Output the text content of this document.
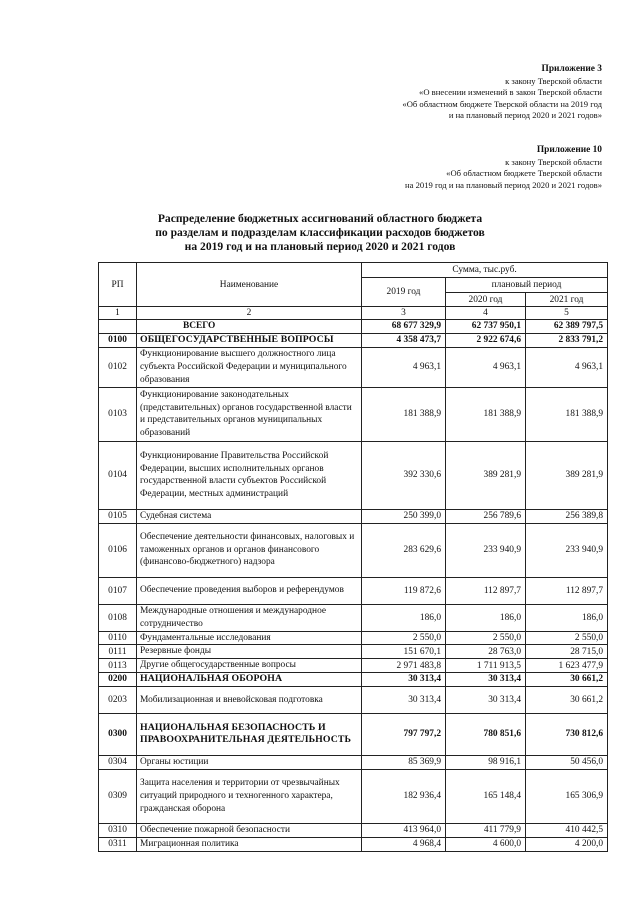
Приложение 3
к закону Тверской области
«О внесении изменений в закон Тверской области
«Об областном бюджете Тверской области на 2019 год
и на плановый период 2020 и 2021 годов»
Приложение 10
к закону Тверской области
«Об областном бюджете Тверской области
на 2019 год и на плановый период 2020 и 2021 годов»
Распределение бюджетных ассигнований областного бюджета
по разделам и подразделам классификации расходов бюджетов
на 2019 год и на плановый период 2020 и 2021 годов
РП	Наименование	Сумма, тыс.руб.		
		2019 год	плановый период	
			2020 год	2021 год
1	2	3	4	5
	ВСЕГО	68 677 329,9	62 737 950,1	62 389 797,5
0100	ОБЩЕГОСУДАРСТВЕННЫЕ ВОПРОСЫ	4 358 473,7	2 922 674,6	2 833 791,2
0102	Функционирование высшего должностного лица субъекта Российской Федерации и муниципального образования	4 963,1	4 963,1	4 963,1
0103	Функционирование законодательных (представительных) органов государственной власти и представительных органов муниципальных образований	181 388,9	181 388,9	181 388,9
0104	Функционирование Правительства Российской Федерации, высших исполнительных органов государственной власти субъектов Российской Федерации, местных администраций	392 330,6	389 281,9	389 281,9
0105	Судебная система	250 399,0	256 789,6	256 389,8
0106	Обеспечение деятельности финансовых, налоговых и таможенных органов и органов финансового (финансово-бюджетного) надзора	283 629,6	233 940,9	233 940,9
0107	Обеспечение проведения выборов и референдумов	119 872,6	112 897,7	112 897,7
0108	Международные отношения и международное сотрудничество	186,0	186,0	186,0
0110	Фундаментальные исследования	2 550,0	2 550,0	2 550,0
0111	Резервные фонды	151 670,1	28 763,0	28 715,0
0113	Другие общегосударственные вопросы	2 971 483,8	1 711 913,5	1 623 477,9
0200	НАЦИОНАЛЬНАЯ ОБОРОНА	30 313,4	30 313,4	30 661,2
0203	Мобилизационная и вневойсковая подготовка	30 313,4	30 313,4	30 661,2
0300	НАЦИОНАЛЬНАЯ БЕЗОПАСНОСТЬ И ПРАВООХРАНИТЕЛЬНАЯ ДЕЯТЕЛЬНОСТЬ	797 797,2	780 851,6	730 812,6
0304	Органы юстиции	85 369,9	98 916,1	50 456,0
0309	Защита населения и территории от чрезвычайных ситуаций природного и техногенного характера, гражданская оборона	182 936,4	165 148,4	165 306,9
0310	Обеспечение пожарной безопасности	413 964,0	411 779,9	410 442,5
0311	Миграционная политика	4 968,4	4 600,0	4 200,0
